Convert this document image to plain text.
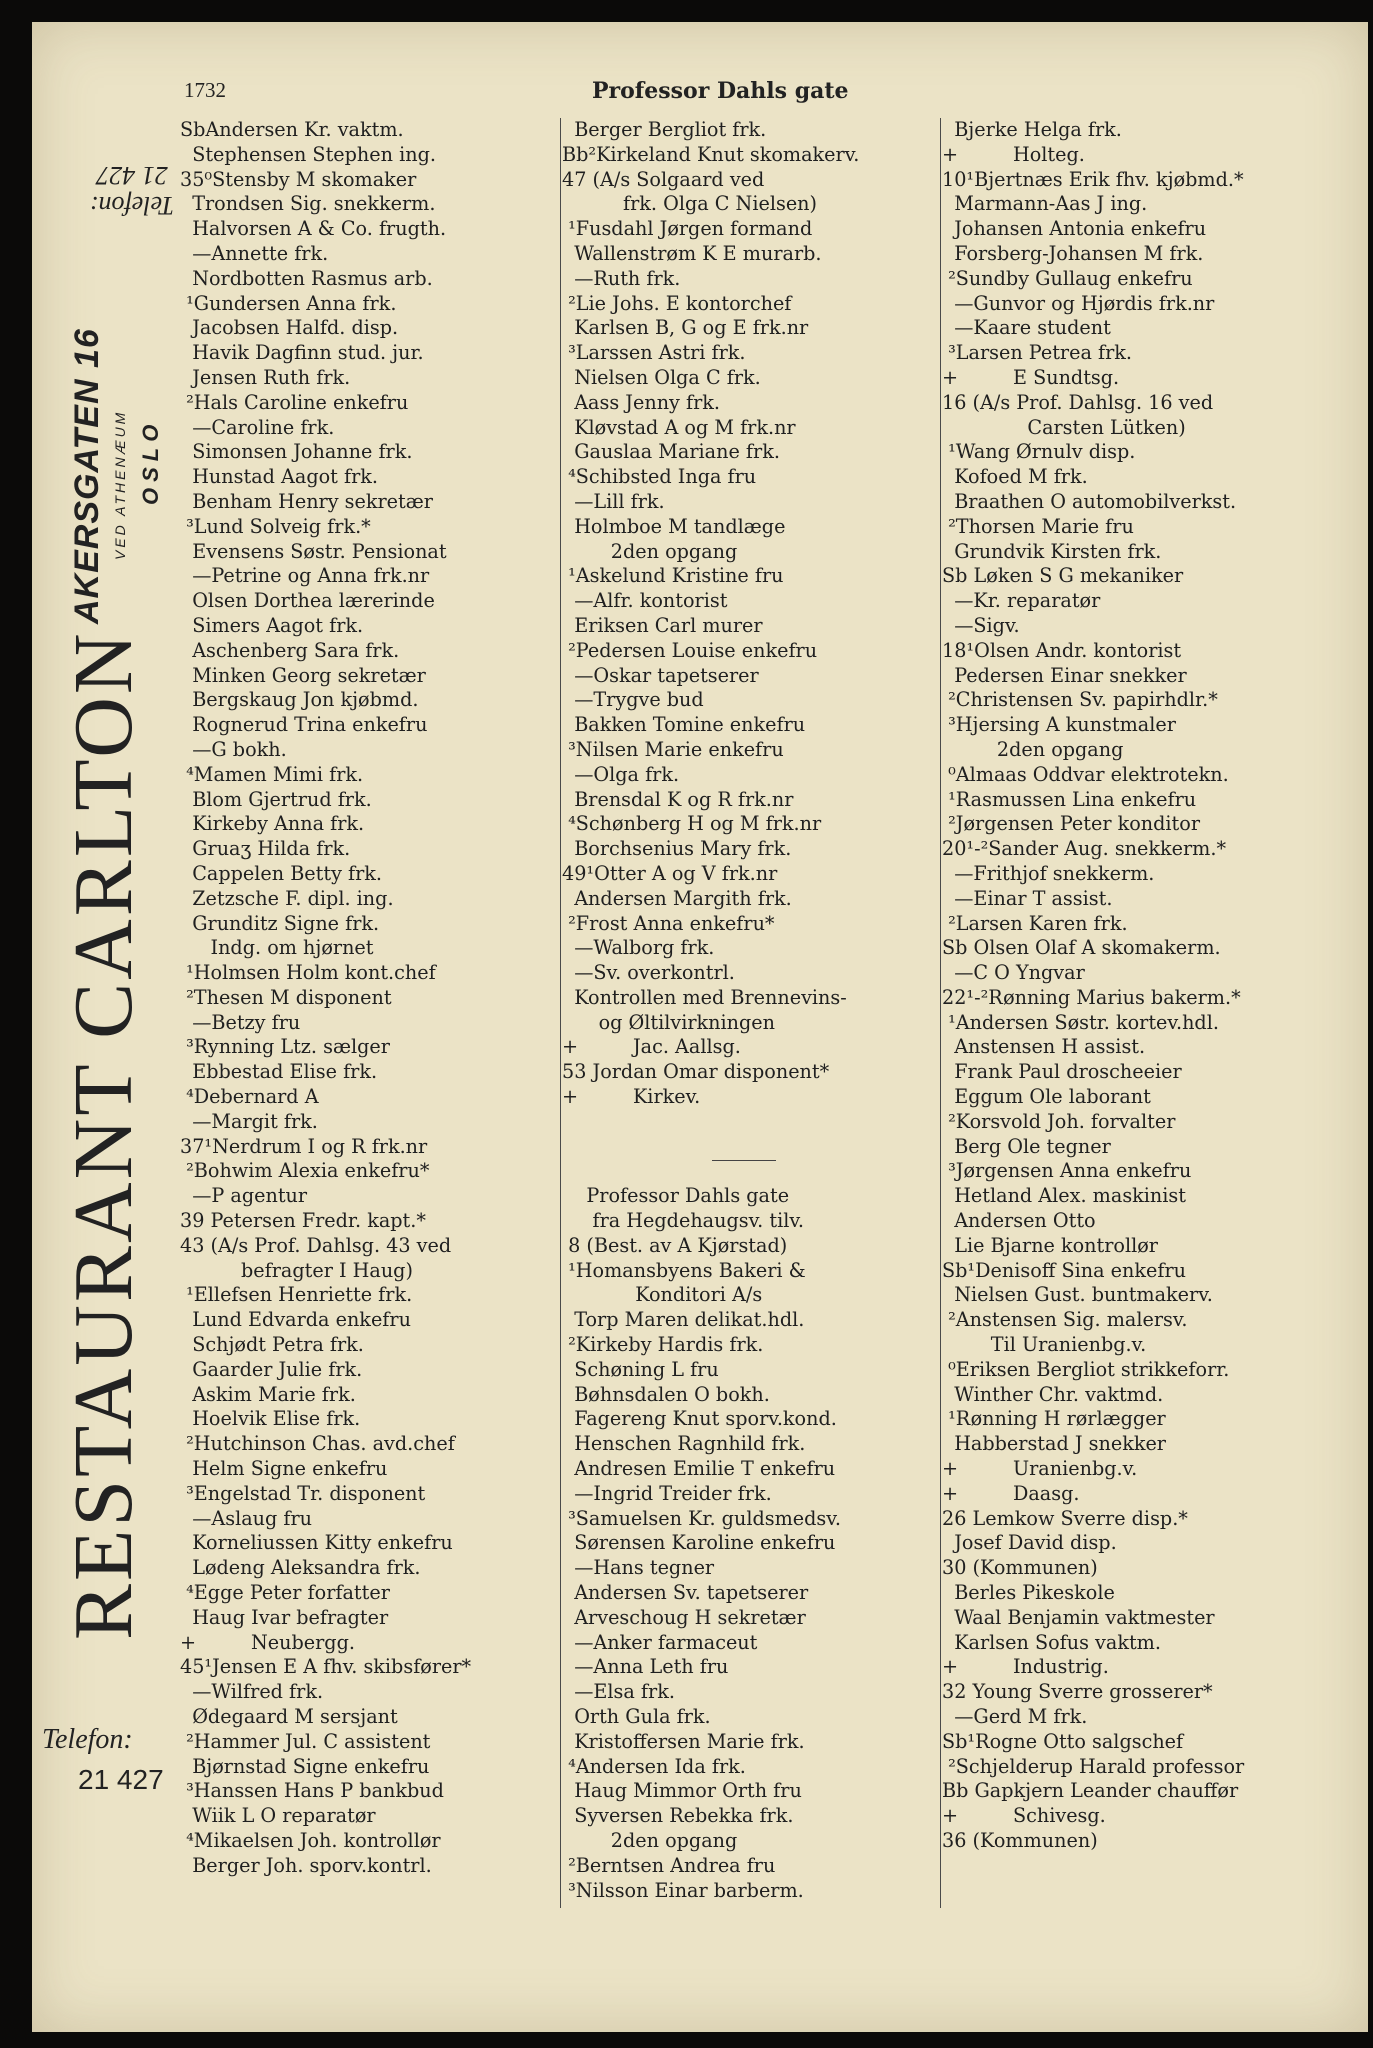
1732	Professor Dahls gate
SbAndersen Kr. vaktm.
Stephensen Stephen ing.
35⁰Stensby M skomaker
Trondsen Sig. snekkerm.
Halvorsen A & Co. frugth.
—Annette frk.
Nordbotten Rasmus arb.
¹Gundersen Anna frk.
Jacobsen Halfd. disp.
Havik Dagfinn stud. jur.
Jensen Ruth frk.
²Hals Caroline enkefru
—Caroline frk.
Simonsen Johanne frk.
Hunstad Aagot frk.
Benham Henry sekretær
³Lund Solveig frk.*
Evensens Søstr. Pensionat
—Petrine og Anna frk.nr
Olsen Dorthea lærerinde
Simers Aagot frk.
Aschenberg Sara frk.
Minken Georg sekretær
Bergskaug Jon kjøbmd.
Rognerud Trina enkefru
—G bokh.
⁴Mamen Mimi frk.
Blom Gjertrud frk.
Kirkeby Anna frk.
Gruaʒ Hilda frk.
Cappelen Betty frk.
Zetzsche F. dipl. ing.
Grunditz Signe frk.
Indg. om hjørnet
¹Holmsen Holm kont.chef
²Thesen M disponent
—Betzy fru
³Rynning Ltz. sælger
Ebbestad Elise frk.
⁴Debernard A
—Margit frk.
37¹Nerdrum I og R frk.nr
²Bohwim Alexia enkefru*
—P agentur
39 Petersen Fredr. kapt.*
43 (A/s Prof. Dahlsg. 43 ved
befragter I Haug)
¹Ellefsen Henriette frk.
Lund Edvarda enkefru
Schjødt Petra frk.
Gaarder Julie frk.
Askim Marie frk.
Hoelvik Elise frk.
²Hutchinson Chas. avd.chef
Helm Signe enkefru
³Engelstad Tr. disponent
—Aslaug fru
Korneliussen Kitty enkefru
Lødeng Aleksandra frk.
⁴Egge Peter forfatter
Haug Ivar befragter
+         Neubergg.
45¹Jensen E A fhv. skibsfører*
—Wilfred frk.
Ødegaard M sersjant
²Hammer Jul. C assistent
Bjørnstad Signe enkefru
³Hanssen Hans P bankbud
Wiik L O reparatør
⁴Mikaelsen Joh. kontrollør
Berger Joh. sporv.kontrl.
Berger Bergliot frk.
Bb²Kirkeland Knut skomakerv.
47 (A/s Solgaard ved
frk. Olga C Nielsen)
¹Fusdahl Jørgen formand
Wallenstrøm K E murarb.
—Ruth frk.
²Lie Johs. E kontorchef
Karlsen B, G og E frk.nr
³Larssen Astri frk.
Nielsen Olga C frk.
Aass Jenny frk.
Kløvstad A og M frk.nr
Gauslaa Mariane frk.
⁴Schibsted Inga fru
—Lill frk.
Holmboe M tandlæge
2den opgang
¹Askelund Kristine fru
—Alfr. kontorist
Eriksen Carl murer
²Pedersen Louise enkefru
—Oskar tapetserer
—Trygve bud
Bakken Tomine enkefru
³Nilsen Marie enkefru
—Olga frk.
Brensdal K og R frk.nr
⁴Schønberg H og M frk.nr
Borchsenius Mary frk.
49¹Otter A og V frk.nr
Andersen Margith frk.
²Frost Anna enkefru*
—Walborg frk.
—Sv. overkontrl.
Kontrollen med Brennevins-
og Øltilvirkningen
+         Jac. Aallsg.
53 Jordan Omar disponent*
+         Kirkev.
Professor Dahls gate
fra Hegdehaugsv. tilv.
8 (Best. av A Kjørstad)
¹Homansbyens Bakeri &
Konditori A/s
Torp Maren delikat.hdl.
²Kirkeby Hardis frk.
Schøning L fru
Bøhnsdalen O bokh.
Fagereng Knut sporv.kond.
Henschen Ragnhild frk.
Andresen Emilie T enkefru
—Ingrid Treider frk.
³Samuelsen Kr. guldsmedsv.
Sørensen Karoline enkefru
—Hans tegner
Andersen Sv. tapetserer
Arveschoug H sekretær
—Anker farmaceut
—Anna Leth fru
—Elsa frk.
Orth Gula frk.
Kristoffersen Marie frk.
⁴Andersen Ida frk.
Haug Mimmor Orth fru
Syversen Rebekka frk.
2den opgang
²Berntsen Andrea fru
³Nilsson Einar barberm.
Bjerke Helga frk.
+         Holteg.
10¹Bjertnæs Erik fhv. kjøbmd.*
Marmann-Aas J ing.
Johansen Antonia enkefru
Forsberg-Johansen M frk.
²Sundby Gullaug enkefru
—Gunvor og Hjørdis frk.nr
—Kaare student
³Larsen Petrea frk.
+         E Sundtsg.
16 (A/s Prof. Dahlsg. 16 ved
Carsten Lütken)
¹Wang Ørnulv disp.
Kofoed M frk.
Braathen O automobilverkst.
²Thorsen Marie fru
Grundvik Kirsten frk.
Sb Løken S G mekaniker
—Kr. reparatør
—Sigv.
18¹Olsen Andr. kontorist
Pedersen Einar snekker
²Christensen Sv. papirhdlr.*
³Hjersing A kunstmaler
2den opgang
⁰Almaas Oddvar elektrotekn.
¹Rasmussen Lina enkefru
²Jørgensen Peter konditor
20¹-²Sander Aug. snekkerm.*
—Frithjof snekkerm.
—Einar T assist.
²Larsen Karen frk.
Sb Olsen Olaf A skomakerm.
—C O Yngvar
22¹-²Rønning Marius bakerm.*
¹Andersen Søstr. kortev.hdl.
Anstensen H assist.
Frank Paul droscheeier
Eggum Ole laborant
²Korsvold Joh. forvalter
Berg Ole tegner
³Jørgensen Anna enkefru
Hetland Alex. maskinist
Andersen Otto
Lie Bjarne kontrollør
Sb¹Denisoff Sina enkefru
Nielsen Gust. buntmakerv.
²Anstensen Sig. malersv.
Til Uranienbg.v.
⁰Eriksen Bergliot strikkeforr.
Winther Chr. vaktmd.
¹Rønning H rørlægger
Habberstad J snekker
+         Uranienbg.v.
+         Daasg.
26 Lemkow Sverre disp.*
Josef David disp.
30 (Kommunen)
Berles Pikeskole
Waal Benjamin vaktmester
Karlsen Sofus vaktm.
+         Industrig.
32 Young Sverre grosserer*
—Gerd M frk.
Sb¹Rogne Otto salgschef
²Schjelderup Harald professor
Bb Gapkjern Leander chauffør
+         Schivesg.
36 (Kommunen)
RESTAURANT CARLTON
AKERSGATEN 16 VED ATHENÆUM OSLO
Telefon:
21 427
Telefon:
21 427
